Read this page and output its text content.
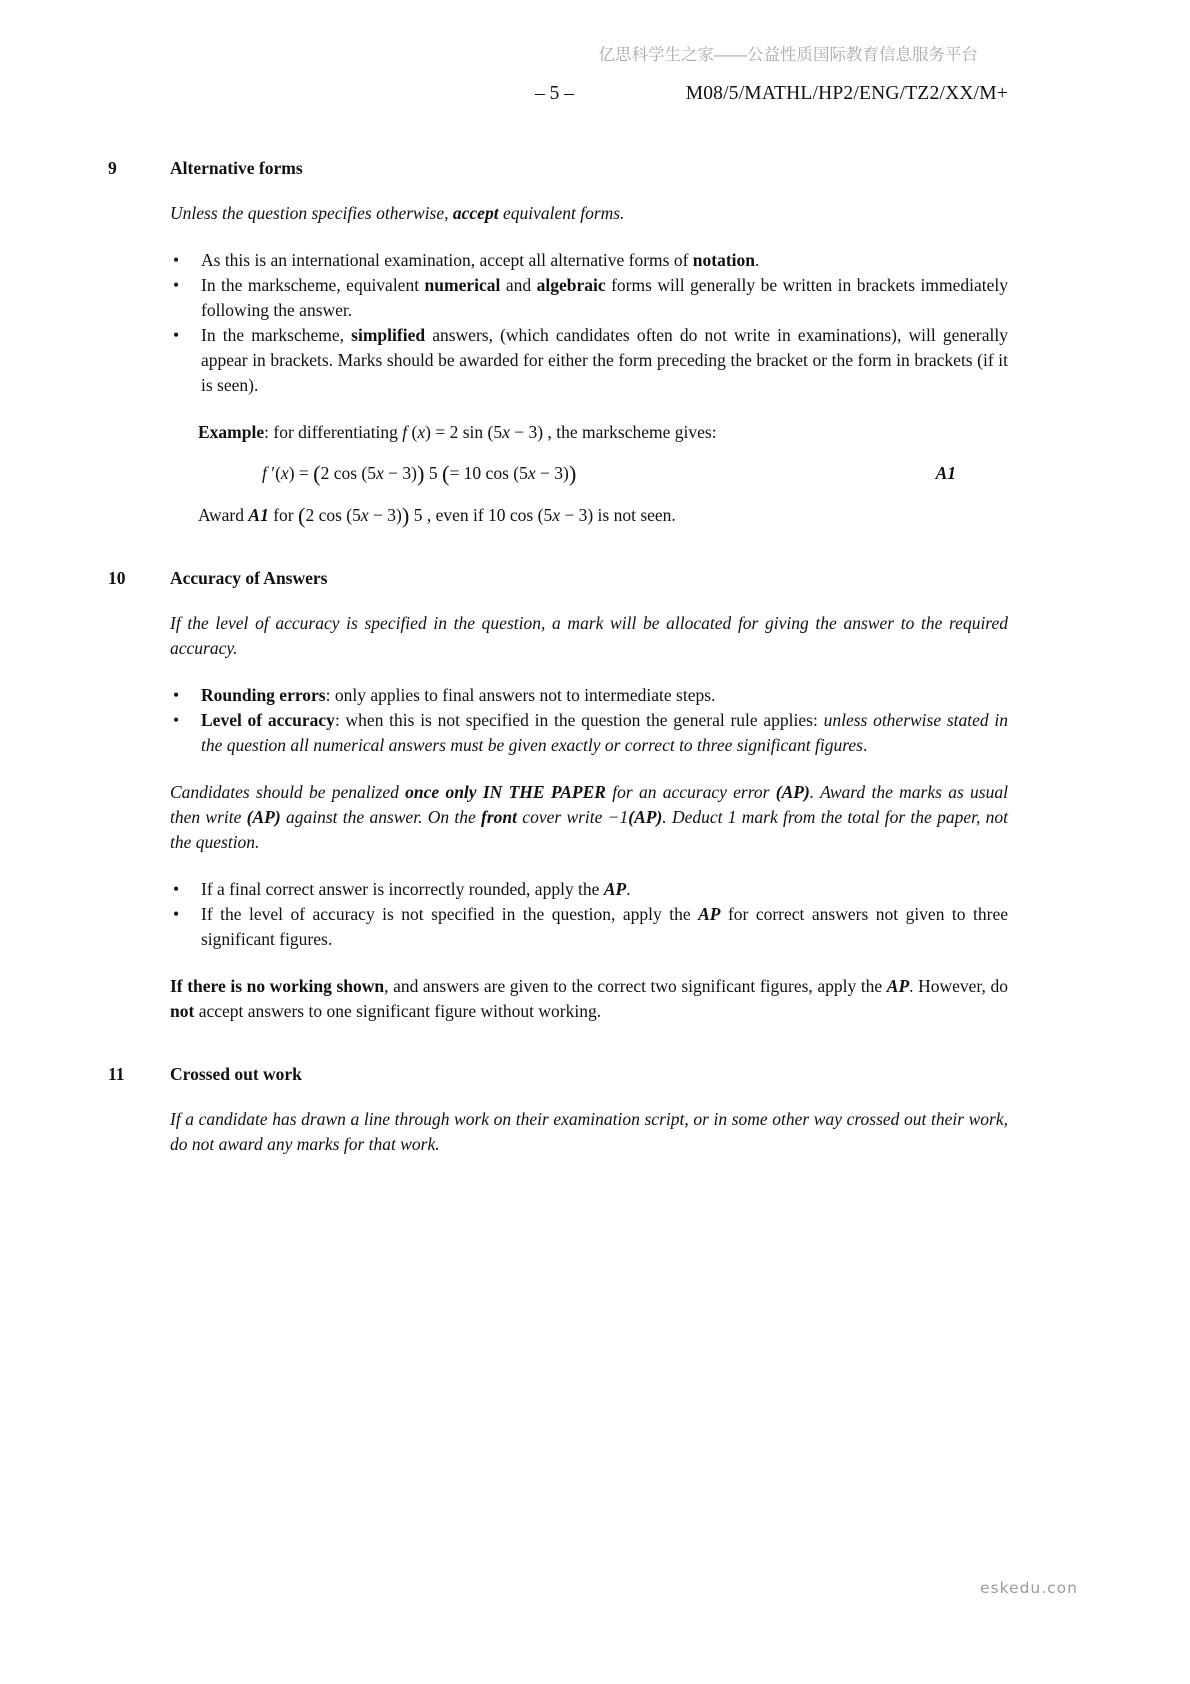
亿思科学生之家——公益性质国际教育信息服务平台
– 5 –	M08/5/MATHL/HP2/ENG/TZ2/XX/M+
9	Alternative forms
Unless the question specifies otherwise, accept equivalent forms.
•	As this is an international examination, accept all alternative forms of notation.
•	In the markscheme, equivalent numerical and algebraic forms will generally be written in brackets immediately following the answer.
•	In the markscheme, simplified answers, (which candidates often do not write in examinations), will generally appear in brackets. Marks should be awarded for either the form preceding the bracket or the form in brackets (if it is seen).
Example: for differentiating f (x) = 2 sin (5x − 3) , the markscheme gives:
f ′(x) = (2 cos (5x − 3)) 5 (= 10 cos (5x − 3))	A1
Award A1 for (2 cos (5x − 3)) 5 , even if 10 cos (5x − 3) is not seen.
10	Accuracy of Answers
If the level of accuracy is specified in the question, a mark will be allocated for giving the answer to the required accuracy.
•	Rounding errors: only applies to final answers not to intermediate steps.
•	Level of accuracy: when this is not specified in the question the general rule applies: unless otherwise stated in the question all numerical answers must be given exactly or correct to three significant figures.
Candidates should be penalized once only IN THE PAPER for an accuracy error (AP). Award the marks as usual then write (AP) against the answer. On the front cover write −1(AP). Deduct 1 mark from the total for the paper, not the question.
•	If a final correct answer is incorrectly rounded, apply the AP.
•	If the level of accuracy is not specified in the question, apply the AP for correct answers not given to three significant figures.
If there is no working shown, and answers are given to the correct two significant figures, apply the AP. However, do not accept answers to one significant figure without working.
11	Crossed out work
If a candidate has drawn a line through work on their examination script, or in some other way crossed out their work, do not award any marks for that work.
eskedu.con
